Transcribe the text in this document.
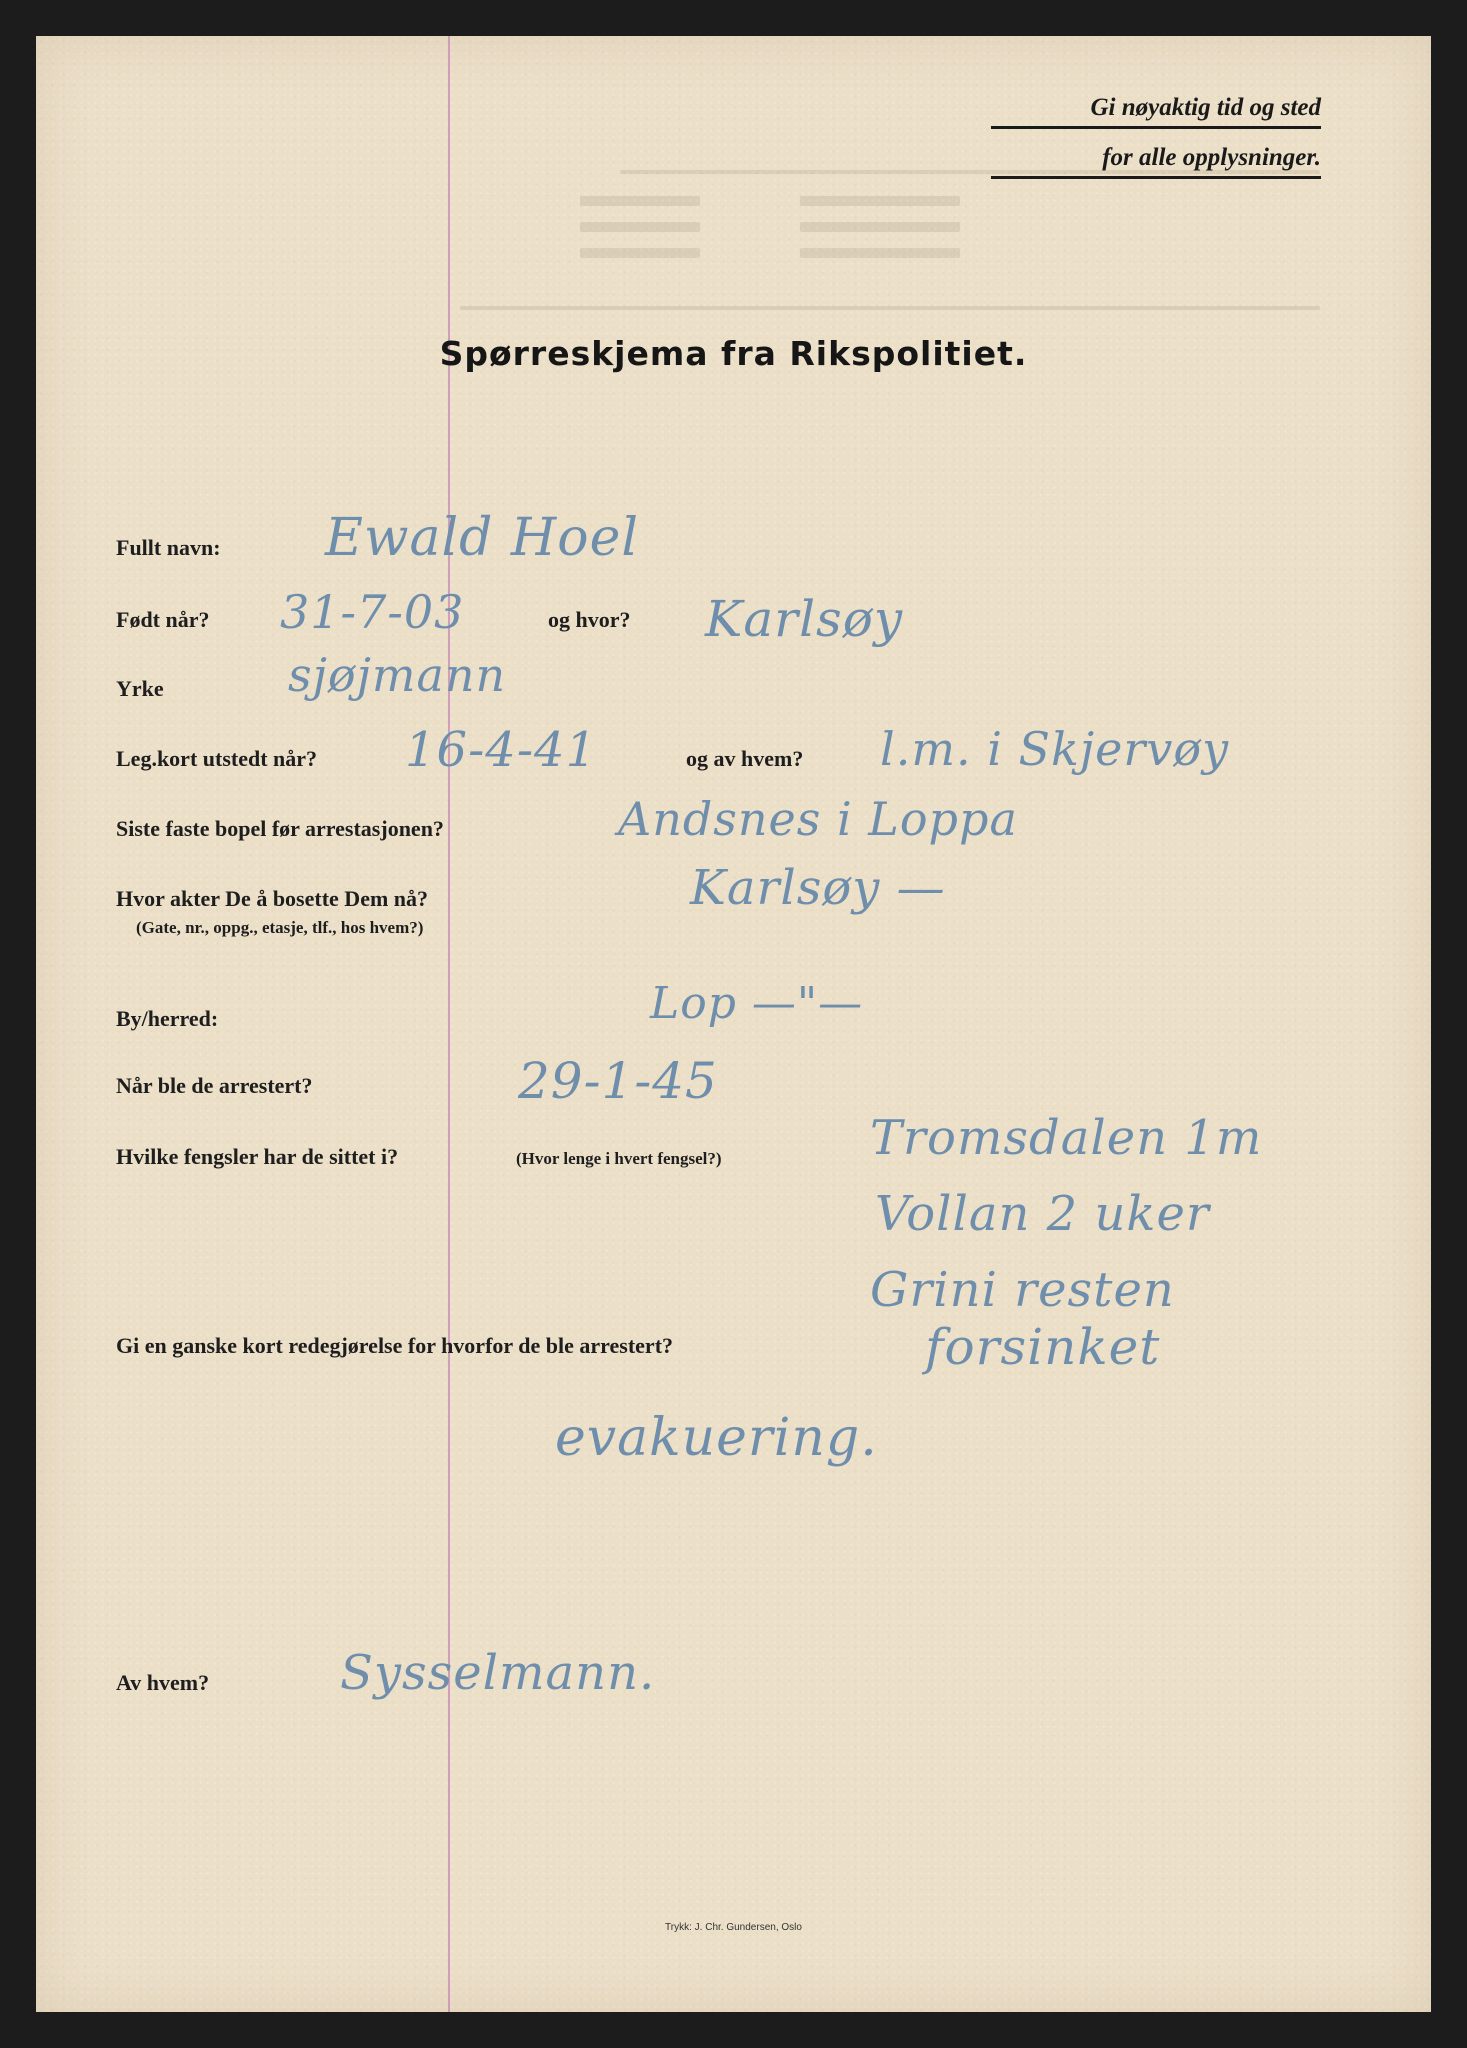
Gi nøyaktig tid og sted
for alle opplysninger.
Spørreskjema fra Rikspolitiet.
Fullt navn: Ewald Hoel
Født når? 31-7-03	og hvor? Karlsøy
Yrke	sjøjmann
Leg.kort utstedt når? 16-4-41	og av hvem? l.m. i Skjervøy
Siste faste bopel før arrestasjonen?	Andsnes i Loppa
Hvor akter De å bosette Dem nå?
(Gate, nr., oppg., etasje, tlf., hos hvem?)
Karlsøy —
By/herred:	Lop —"—
Når ble de arrestert?	29-1-45
Hvilke fengsler har de sittet i?	(Hvor lenge i hvert fengsel?)	Tromsdalen 1m
Vollan 2 uker
Grini resten
Gi en ganske kort redegjørelse for hvorfor de ble arrestert?	forsinket
evakuering.
Av hvem?	Sysselmann.
Trykk: J. Chr. Gundersen, Oslo
